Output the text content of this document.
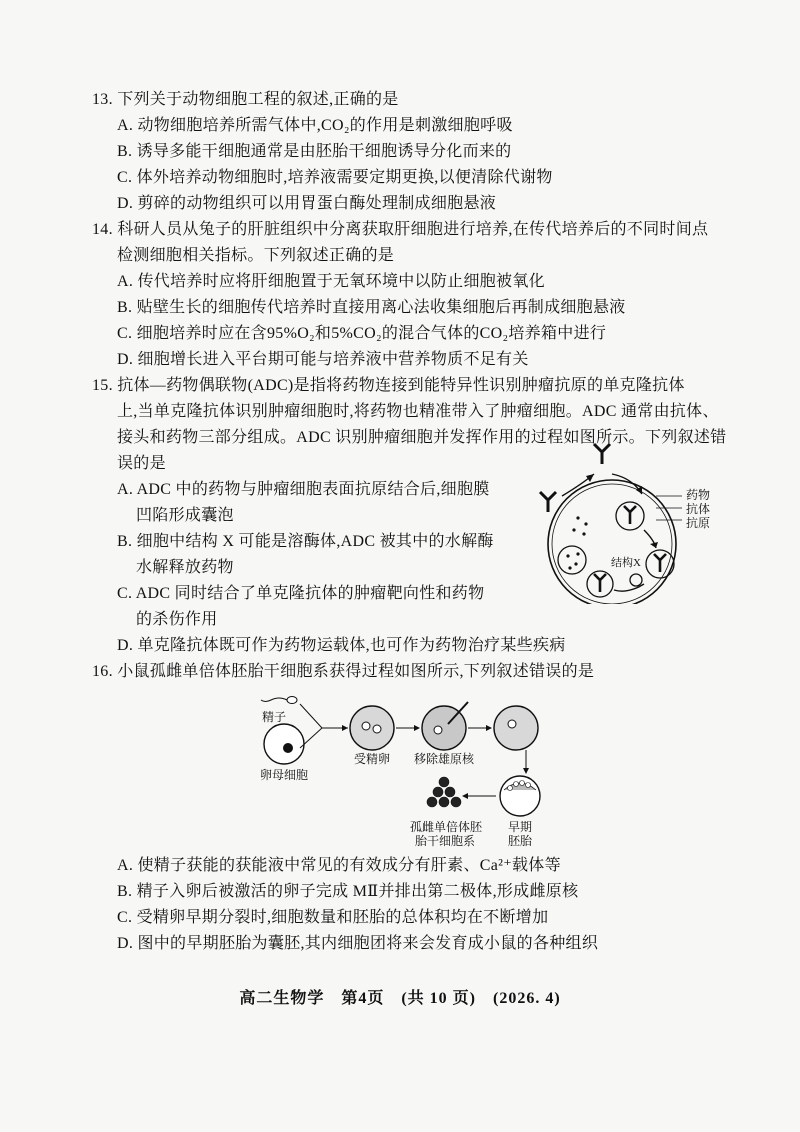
13. 下列关于动物细胞工程的叙述,正确的是
A. 动物细胞培养所需气体中,CO₂的作用是刺激细胞呼吸
B. 诱导多能干细胞通常是由胚胎干细胞诱导分化而来的
C. 体外培养动物细胞时,培养液需要定期更换,以便清除代谢物
D. 剪碎的动物组织可以用胃蛋白酶处理制成细胞悬液
14. 科研人员从兔子的肝脏组织中分离获取肝细胞进行培养,在传代培养后的不同时间点
检测细胞相关指标。下列叙述正确的是
A. 传代培养时应将肝细胞置于无氧环境中以防止细胞被氧化
B. 贴壁生长的细胞传代培养时直接用离心法收集细胞后再制成细胞悬液
C. 细胞培养时应在含95%O₂和5%CO₂的混合气体的CO₂培养箱中进行
D. 细胞增长进入平台期可能与培养液中营养物质不足有关
15. 抗体—药物偶联物(ADC)是指将药物连接到能特异性识别肿瘤抗原的单克隆抗体
上,当单克隆抗体识别肿瘤细胞时,将药物也精准带入了肿瘤细胞。ADC 通常由抗体、
接头和药物三部分组成。ADC 识别肿瘤细胞并发挥作用的过程如图所示。下列叙述错
误的是
A. ADC 中的药物与肿瘤细胞表面抗原结合后,细胞膜
凹陷形成囊泡
B. 细胞中结构 X 可能是溶酶体,ADC 被其中的水解酶
水解释放药物
C. ADC 同时结合了单克隆抗体的肿瘤靶向性和药物
的杀伤作用
D. 单克隆抗体既可作为药物运载体,也可作为药物治疗某些疾病
药物
抗体
抗原
结构X
16. 小鼠孤雌单倍体胚胎干细胞系获得过程如图所示,下列叙述错误的是
精子
卵母细胞
受精卵 移除雄原核
孤雌单倍体胚
胎干细胞系
早期
胚胎
A. 使精子获能的获能液中常见的有效成分有肝素、Ca²⁺载体等
B. 精子入卵后被激活的卵子完成 MⅡ并排出第二极体,形成雌原核
C. 受精卵早期分裂时,细胞数量和胚胎的总体积均在不断增加
D. 图中的早期胚胎为囊胚,其内细胞团将来会发育成小鼠的各种组织
高二生物学　第4页　(共 10 页)　(2026. 4)
